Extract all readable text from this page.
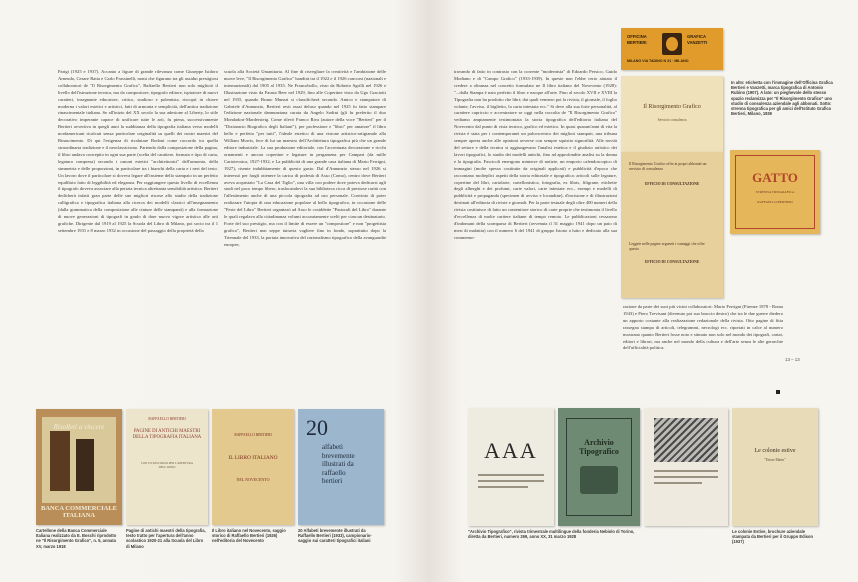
Parigi (1925 e 1937). Accanto a figure di grande rilevanza come Giuseppe Isidoro Arneudo, Cesare Ratta e Carlo Frassinelli, nomi che figurano tra gli assidui prestigiosi collaboratori de "Il Risorgimento Grafico", Raffaello Bertieri non solo migliorò il livello dell'istruzione tecnica, ma da compositore, tipografo editore, ispiratore di nuovi caratteri, insegnante educatore, critico, studioso e polemista, riscoprì in chiave moderna i valori estetici e artistici, fatti di armonia e semplicità, dell'antica tradizione rinascimentale italiana. Se all'inizio del XX secolo la sua adesione al Liberty, lo stile decorativo imperante capace di unificare tutte le arti, fu piena, successivamente Bertieri avvertiva in quegli anni la sudditanza della tipografia italiana verso modelli nordamericani ricalcati senza particolare originalità su quelli dei nostri maestri del Rinascimento. Di qui l'esigenza di rivalutare Bodoni come raccordo tra quella straordinaria tradizione e il neoclassicismo. Partendo dalla composizione della pagina, il libro andava concepito in ogni sua parte (scelta del carattere, formato e tipo di carta, legatura compresa) secondo i canoni estetici "architettonici" dell'armonia, della simmetria e delle proporzioni, in particolare tra i bianchi della carta e i neri del testo. Un lavoro dove il particolare si doveva legare all'insieme dello stampato in un perfetto equilibrio fatto di leggibilità ed eleganza. Per raggiungere questo livello di eccellenza il tipografo doveva associare alla perizia tecnica altrettanta sensibilità artistica. Bertieri dedicherà infatti gran parte delle sue migliori risorse allo studio della tradizione calligrafica e tipografica italiana alla ricerca dei modelli classici all'insegnamento (dalla grammatica della composizione alle cinture delle stampanti) e alla formazione di nuove generazioni di tipografi in grado di dare nuovo vigore artistico alle arti grafiche. Dirigente dal 1919 al 1925 la Scuola del Libro di Milano, poi socio tra il 1 settembre 1931 e 8 marzo 1932 in occasione del passaggio della proprietà della
scuola alla Società Umanitaria. Al fine di risvegliare la creatività e l'ambizione delle nuove leve, "Il Risorgimento Grafico" bandirà tra il 1922 e il 1926 concorsi (nazionali e internazionali) dal 1905 al 1935. Ne Francobollo, visto da Roberto Sgrilli nel 1926 e Illustrazione visto da Fausta Beer nel 1929, fino alle Copertine visto da Ugo Graciotti nel 1935, quando Bruno Munari si classificherà secondo. Amico e stampatore di Gabriele d'Annunzio, Bertieri resti assai deluso quando nel 1925 fu fatto stampare l'edizione nazionale dannunziana curata da Angelo Sodini (gli fu preferito il duo Mondadori-Mardersteig. Come rilevò Franco Riva (autore della voce "Bertieri" per il "Dizionario Biografico degli Italiani"), per professione e "libro" per amatore" il libro bello e perfetto "per tutti", l'ideale estetico di una visione artistico-artigianale alla William Morris, fece di lui un maestro dell'Architettura tipografica più che un grande editore industriale. La sua produzione editoriale, con l'accentuata decorazione e ricchi ornamenti e ancora copertine e legature in pergamena per Campari (da mille Cartotecnica, 1927-1932, e La pubblicità di una grande casa italiana di Mario Ferrigni, 1927), risente indubbiamente di questo gusto. Dal d'Annunzio stesso nel 1926 si interessò per fargli ottenere la carica di podestà di Asso (Como), centro dove Bertieri aveva acquistato "La Casa del Tiglio", una villa con podere dove poteva dedicarsi agli studi nel poco tempo libero, traslocandovi la sua biblioteca ricca di preziose rarità con l'allestimento anche di una piccola tipografia ad uso personale. Convinto di poter realizzare l'utopia di una educazione popolare al bello tipografico, in occasione delle "Feste del Libro" Bertieri organizzò ad Asso le cosiddette "Pastorali del Libro" durante le quali regalava alla cittadinanza volumi accuratamente scelti per ciascun destinatario. Forte del suo prestigio, ma con il limite di essere un "compositore" e non "progettista grafico", Bertieri non seppe tuttavia vagliere fino in fondo, soprattutto dopo la Triennale del 1933, la portata innovativa del razionalismo tipografico della avanguardie europee,
Risolleti a vincere
BANCA COMMERCIALE ITALIANA
RAFFAELLO BERTIERI
PAGINE DI ANTICHI MAESTRI DELLA TIPOGRAFIA ITALIANA
CON UN DISCORSO PER L'APERTURA DELL'ANNO
RAFFAELLO BERTIERI
IL LIBRO ITALIANO
NEL NOVECENTO
20
alfabeti brevemente illustrati da raffaello bertieri
Cartellone della Banca Commerciale Italiana realizzato da E. Boschi riprodotto ne "Il Risorgimento Grafico", n. 5, annata XV, marzo 1918
Pagine di antichi maestri della tipografia, testo tratto per l'apertura dell'anno scolastico 1920-21 alla Scuola del Libro di Milano
Il Libro italiano nel Novecento, saggio storico di Raffaello Bertieri (1926) nell'editoria del Novecento
20 Alfabeti brevemente illustrati da Raffaello Bertieri (1933), campionario-saggio sui caratteri tipografici italiani
travando di fatto in contrasto con la corrente "modernista" di Edoardo Persico, Guido Modiano e di "Campo Grafico" (1933-1939). In queste non l'ebbe certo aiutato il credere a oltranza nel concetto formulato ne Il libro italiano del Novecento (1928): "...dalla Stampa è nato perfetto il libro e nacque all'arte. Fino al secolo XVII e XVIII la Tipografia non ha prodotto che libri; dai quali vennero poi la rivista, il giornale, il foglio volante, l'avviso, il biglietto, la carta intestata ecc." Si deve alla sua forte personalità, al carattere capriccio e accentratore se oggi nella raccolta de "Il Risorgimento Grafico" vediamo ampiamente testimoniata la storia tipografica dell'editoria italiana del Novecento dal punto di vista tecnico, grafico ed estetico. In quasi quarant'anni di vita la rivista è stata per i contemporanei un palcoscenico dei migliori stampati, una tribuna sempre aperta anche alle opinioni avverse con sempre squisita signorilità. Alle novità del settore e della tecnica si aggiungevano l'analisi estetica e il giudizio artistico dei lavori tipografici, lo studio dei modelli antichi, fino ad approfondite analisi su la donna e la tipografia. Fascicoli emergono minierre di notizie, un emporio calendoscopico di immagini (molte spesso costituite da originali applicati) e pubblicità d'epoca che raccontano molteplici aspetti della storia editoriale e tipografica: articoli sulle legature, copertine del libri, cartolarie, cartellonistica, fotografia, ex libris, filigrane, etichette degli alberghi e dei profumi, carte valori, carte intestate ecc., esempi e modelli di pubblicità e propaganda (specimen di avviso e locandine), d'incisione e di illustrazioni destinati all'editoria di riviste e giornali. Per la parte testuale degli oltre 400 numeri della rivista costituisce di fatto un contenitore storico di carte proprie che testimonia il livello d'eccellenza di molte cartiere italiane di tempo remoto. Le pubblicazioni cessarono d'indomani della scomparsa di Bertieri (avvenuta il 31 maggio 1941 dopo un paio di mesi di malattia) con il numero 6 del 1941 di gruppo Istono a lutto e dedicato alla sua commemo-
razione da parte dei suoi più vicini collaboratori: Mario Ferrigni (Firenze 1878 - Roma 1943) e Piero Trevisani (divenuto poi suo braccio destro) che tra le due guerre diedero un apporto costante alla realizzazione redazionale della rivista. Otto pagine di fitta rassegna stampa di articoli, telegrammi, necrologi ecc. riportati in calce al numero mostrano quanto Bertieri fosse noto e stimato non solo nel mondo dei tipografi, cartai, editori e librari, ma anche nel mondo della cultura e dell'arte senza le alte gerarchie dell'ufficialità politica.
13 ‒ 13
OFFICINA BERTIERI
GRAFICA VANZETTI
MILANO VIA TADINO N 31 · MILANO
Il Risorgimento Grafico
Servizio consulenza
Il Risorgimento Grafico offre ai propri abbonati un servizio di consulenza
UFFICIO DI CONSULTAZIONE
Leggete nelle pagine seguenti i vantaggi che offre questo
UFFICIO DI CONSULTAZIONE
In alto: etichetta con l'immagine dell'Officina Grafica Bertieri e Vanzetti, marca tipografica di Antonio Rubino (1907). A lato: un pieghevole dello stesso spazio reclamizza per "Il Risorgimento Grafico" uno studio di consulenza aziendale agli abbonati. Sotto: strenna tipografica per gli amici dell'Istituto Grafico Bertieri, Milano, 1939
GATTO
STRENNA TIPOGRAFICA
RAFFAELLO BERTIERI
AAA	Archivio Tipografico	Le colonie estive
"Ettore Marin"
"Archivio Tipografico", rivista trimestrale multilingue della fonderia Nebiolo di Torino, diretta da Bertieri, numero 269, anno XX, 31 marzo 1928
Le colonie Estive, brochure aziendale stampata da Bertieri per il Gruppo Edison (1937)
